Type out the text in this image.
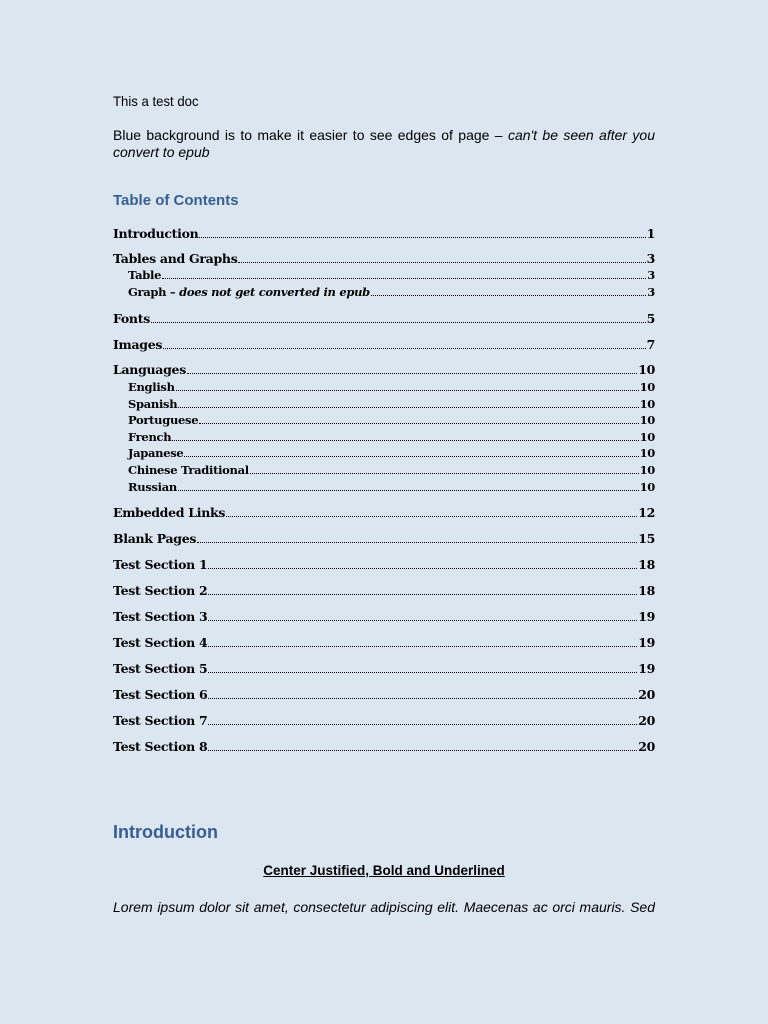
This a test doc
Blue background is to make it easier to see edges of page – can't be seen after you convert to epub
Table of Contents
Introduction	1
Tables and Graphs	3
Table	3
Graph – does not get converted in epub	3
Fonts	5
Images	7
Languages	10
English	10
Spanish	10
Portuguese	10
French	10
Japanese	10
Chinese Traditional	10
Russian	10
Embedded Links	12
Blank Pages	15
Test Section 1	18
Test Section 2	18
Test Section 3	19
Test Section 4	19
Test Section 5	19
Test Section 6	20
Test Section 7	20
Test Section 8	20
Introduction
Center Justified, Bold and Underlined
Lorem ipsum dolor sit amet, consectetur adipiscing elit. Maecenas ac orci mauris. Sed
